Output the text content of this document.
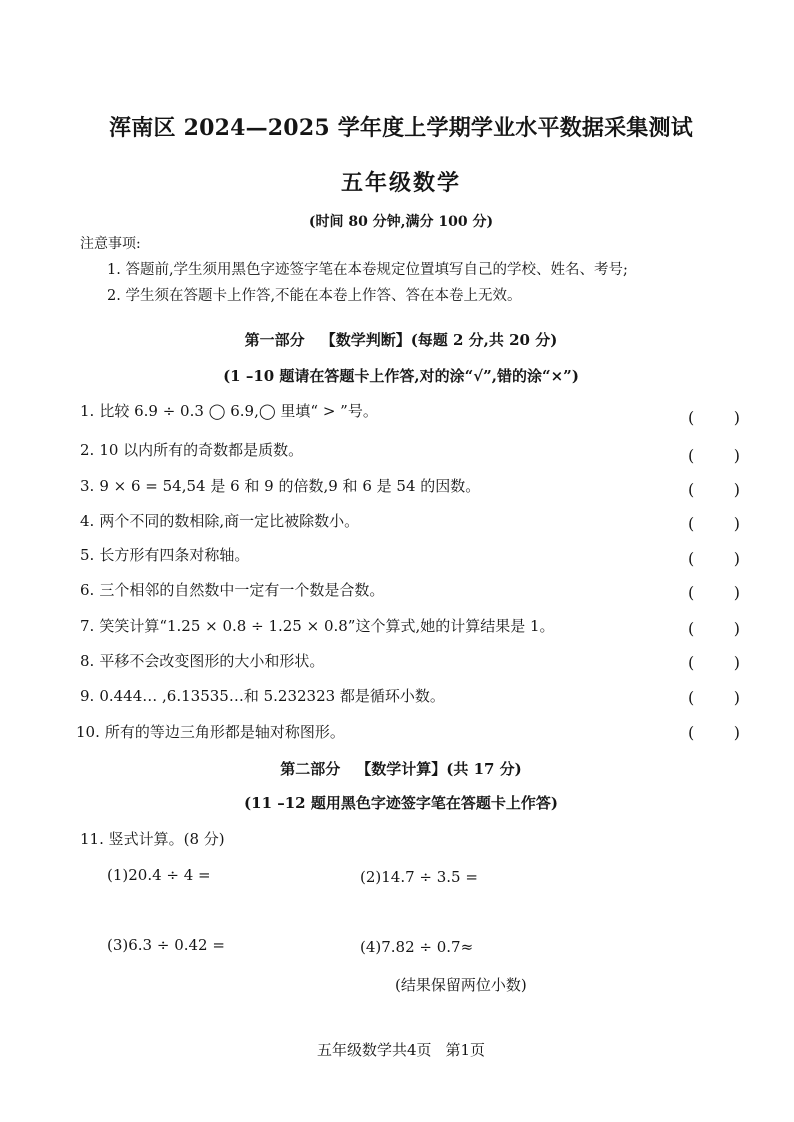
浑南区 2024—2025 学年度上学期学业水平数据采集测试
五年级数学
(时间 80 分钟,满分 100 分)
注意事项:
1. 答题前,学生须用黑色字迹签字笔在本卷规定位置填写自己的学校、姓名、考号;
2. 学生须在答题卡上作答,不能在本卷上作答、答在本卷上无效。
第一部分 【数学判断】(每题 2 分,共 20 分)
(1 –10 题请在答题卡上作答,对的涂“√”,错的涂“×”)
1. 比较 6.9 ÷ 0.3 ◯ 6.9,◯ 里填“ > ”号。	( )
2. 10 以内所有的奇数都是质数。	( )
3. 9 × 6 = 54,54 是 6 和 9 的倍数,9 和 6 是 54 的因数。	( )
4. 两个不同的数相除,商一定比被除数小。	( )
5. 长方形有四条对称轴。	( )
6. 三个相邻的自然数中一定有一个数是合数。	( )
7. 笑笑计算“1.25 × 0.8 ÷ 1.25 × 0.8”这个算式,她的计算结果是 1。	( )
8. 平移不会改变图形的大小和形状。	( )
9. 0.444… ,6.13535…和 5.232323 都是循环小数。	( )
10. 所有的等边三角形都是轴对称图形。	( )
第二部分 【数学计算】(共 17 分)
(11 –12 题用黑色字迹签字笔在答题卡上作答)
11. 竖式计算。(8 分)
(1)20.4 ÷ 4 =	(2)14.7 ÷ 3.5 =
(3)6.3 ÷ 0.42 =	(4)7.82 ÷ 0.7≈
(结果保留两位小数)
五年级数学共4页 第1页
